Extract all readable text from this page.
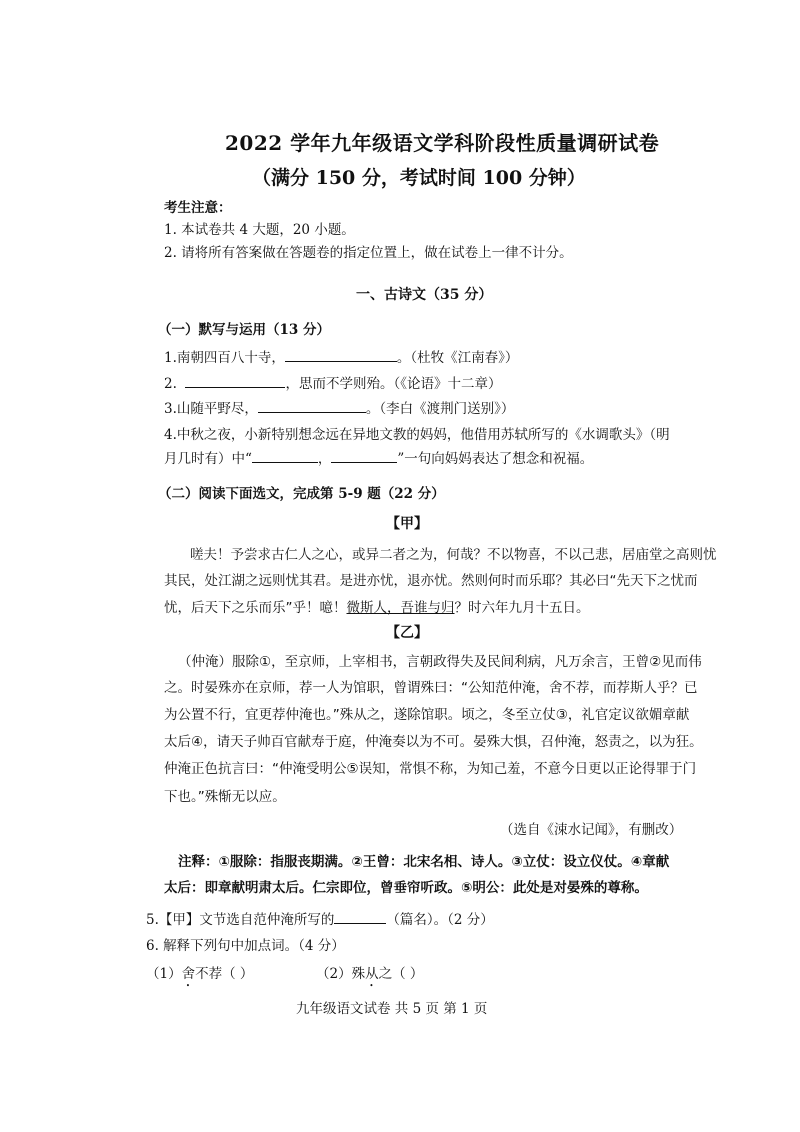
2022 学年九年级语文学科阶段性质量调研试卷
（满分 150 分，考试时间 100 分钟）
考生注意：
1. 本试卷共 4 大题，20 小题。
2. 请将所有答案做在答题卷的指定位置上，做在试卷上一律不计分。
一、古诗文（35 分）
（一）默写与运用（13 分）
1.南朝四百八十寺，	。（杜牧《江南春》）
2.	，思而不学则殆。（《论语》十二章）
3.山随平野尽，	。（李白《渡荆门送别》）
4.中秋之夜，小新特别想念远在异地文教的妈妈，他借用苏轼所写的《水调歌头》（明
月几时有）中“	，	”一句向妈妈表达了想念和祝福。
（二）阅读下面选文，完成第 5-9 题（22 分）
【甲】
嗟夫！予尝求古仁人之心，或异二者之为，何哉？不以物喜，不以己悲，居庙堂之高则忧
其民，处江湖之远则忧其君。是进亦忧，退亦忧。然则何时而乐耶？其必曰“先天下之忧而
忧，后天下之乐而乐”乎！噫！微斯人，吾谁与归？时六年九月十五日。
【乙】
（仲淹）服除①，至京师，上宰相书，言朝政得失及民间利病，凡万余言，王曾②见而伟
之。时晏殊亦在京师，荐一人为馆职，曾谓殊曰：“公知范仲淹，舍不荐，而荐斯人乎？已
为公置不行，宜更荐仲淹也。”殊从之，遂除馆职。顷之，冬至立仗③，礼官定议欲媚章献
太后④，请天子帅百官献寿于庭，仲淹奏以为不可。晏殊大惧，召仲淹，怒责之，以为狂。
仲淹正色抗言曰：“仲淹受明公⑤误知，常惧不称，为知己羞，不意今日更以正论得罪于门
下也。”殊惭无以应。
（选自《涑水记闻》，有删改）
注释：①服除：指服丧期满。②王曾：北宋名相、诗人。③立仗：设立仪仗。④章献
太后：即章献明肃太后。仁宗即位，曾垂帘听政。⑤明公：此处是对晏殊的尊称。
5.【甲】文节选自范仲淹所写的	（篇名）。（2 分）
6. 解释下列句中加点词。（4 分）
（1）舍不荐（ ）	（2）殊从之（ ）
九年级语文试卷 共 5 页 第 1 页
